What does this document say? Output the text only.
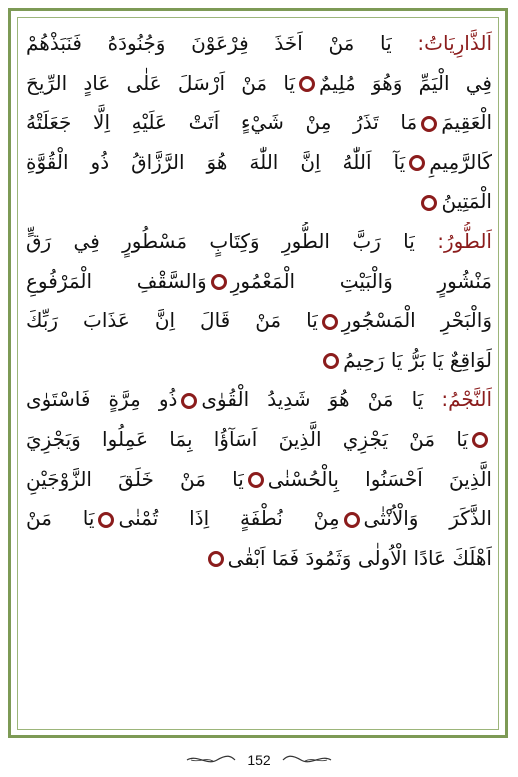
اَلذَّارِيَاتُ: يَا مَنْ اَخَذَ فِرْعَوْنَ وَجُنُودَهُ فَنَبَذْهُمْ
فِي الْيَمِّ وَهُوَ مُلِيمٌيَا مَنْ اَرْسَلَ عَلٰى عَادٍ الرِّيحَ
الْعَقِيمَمَا تَذَرُ مِنْ شَيْءٍ اَتَتْ عَلَيْهِ اِلَّا جَعَلَتْهُ
كَالرَّمِيمِيَآ اَللّٰهُ اِنَّ اللّٰهَ هُوَ الرَّزَّاقُ ذُو الْقُوَّةِ
الْمَتِينُ
اَلطُّورُ: يَا رَبَّ الطُّورِ وَكِتَابٍ مَسْطُورٍ فِي رَقٍّ
مَنْشُورٍ وَالْبَيْتِ الْمَعْمُورِوَالسَّقْفِ الْمَرْفُوعِ
وَالْبَحْرِ الْمَسْجُورِيَا مَنْ قَالَ اِنَّ عَذَابَ رَبِّكَ
لَوَاقِعٌ يَا بَرُّ يَا رَحِيمُ
اَلنَّجْمُ: يَا مَنْ هُوَ شَدِيدُ الْقُوٰىذُو مِرَّةٍ فَاسْتَوٰى
يَا مَنْ يَجْزِي الَّذِينَ اَسَآؤُا بِمَا عَمِلُوا وَيَجْزِيَ
الَّذِينَ اَحْسَنُوا بِالْحُسْنٰىيَا مَنْ خَلَقَ الزَّوْجَيْنِ
الذَّكَرَ وَالْاُنْثٰىمِنْ نُطْفَةٍ اِذَا تُمْنٰىيَا مَنْ
اَهْلَكَ عَادًا الْاُولٰى وَثَمُودَ فَمَا اَبْقٰى
152
